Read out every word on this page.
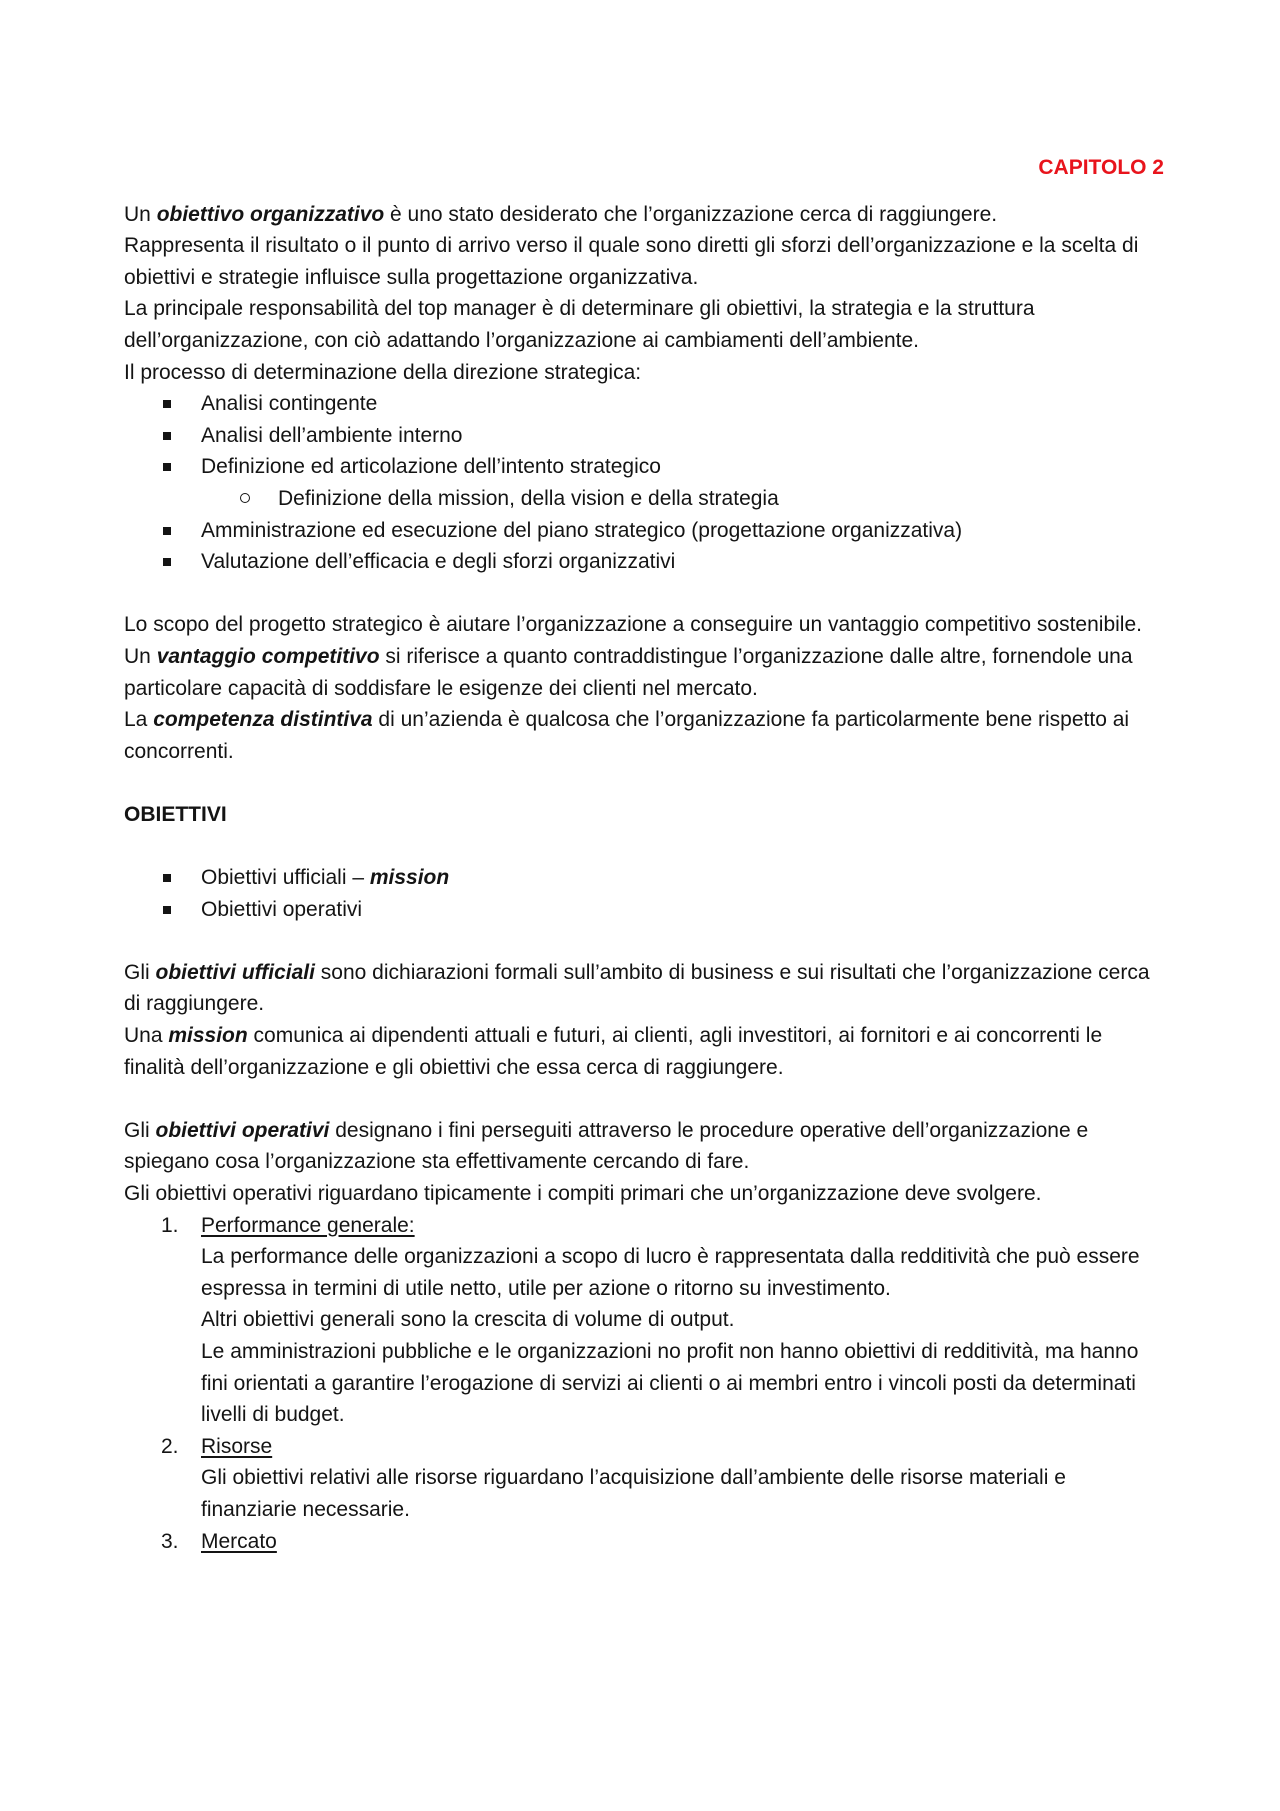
CAPITOLO 2

Un obiettivo organizzativo è uno stato desiderato che l’organizzazione cerca di raggiungere.

Rappresenta il risultato o il punto di arrivo verso il quale sono diretti gli sforzi dell’organizzazione e la scelta di obiettivi e strategie influisce sulla progettazione organizzativa.

La principale responsabilità del top manager è di determinare gli obiettivi, la strategia e la struttura dell’organizzazione, con ciò adattando l’organizzazione ai cambiamenti dell’ambiente.

Il processo di determinazione della direzione strategica:

Analisi contingente
Analisi dell’ambiente interno
Definizione ed articolazione dell’intento strategico
Definizione della mission, della vision e della strategia
Amministrazione ed esecuzione del piano strategico (progettazione organizzativa)
Valutazione dell’efficacia e degli sforzi organizzativi

Lo scopo del progetto strategico è aiutare l’organizzazione a conseguire un vantaggio competitivo sostenibile.

Un vantaggio competitivo si riferisce a quanto contraddistingue l’organizzazione dalle altre, fornendole una particolare capacità di soddisfare le esigenze dei clienti nel mercato.

La competenza distintiva di un’azienda è qualcosa che l’organizzazione fa particolarmente bene rispetto ai concorrenti.

OBIETTIVI

Obiettivi ufficiali – mission
Obiettivi operativi

Gli obiettivi ufficiali sono dichiarazioni formali sull’ambito di business e sui risultati che l’organizzazione cerca di raggiungere.

Una mission comunica ai dipendenti attuali e futuri, ai clienti, agli investitori, ai fornitori e ai concorrenti le finalità dell’organizzazione e gli obiettivi che essa cerca di raggiungere.

Gli obiettivi operativi designano i fini perseguiti attraverso le procedure operative dell’organizzazione e spiegano cosa l’organizzazione sta effettivamente cercando di fare.

Gli obiettivi operativi riguardano tipicamente i compiti primari che un’organizzazione deve svolgere.

1. Performance generale:
La performance delle organizzazioni a scopo di lucro è rappresentata dalla redditività che può essere espressa in termini di utile netto, utile per azione o ritorno su investimento.
Altri obiettivi generali sono la crescita di volume di output.
Le amministrazioni pubbliche e le organizzazioni no profit non hanno obiettivi di redditività, ma hanno fini orientati a garantire l’erogazione di servizi ai clienti o ai membri entro i vincoli posti da determinati livelli di budget.
2. Risorse
Gli obiettivi relativi alle risorse riguardano l’acquisizione dall’ambiente delle risorse materiali e finanziarie necessarie.
3. Mercato
